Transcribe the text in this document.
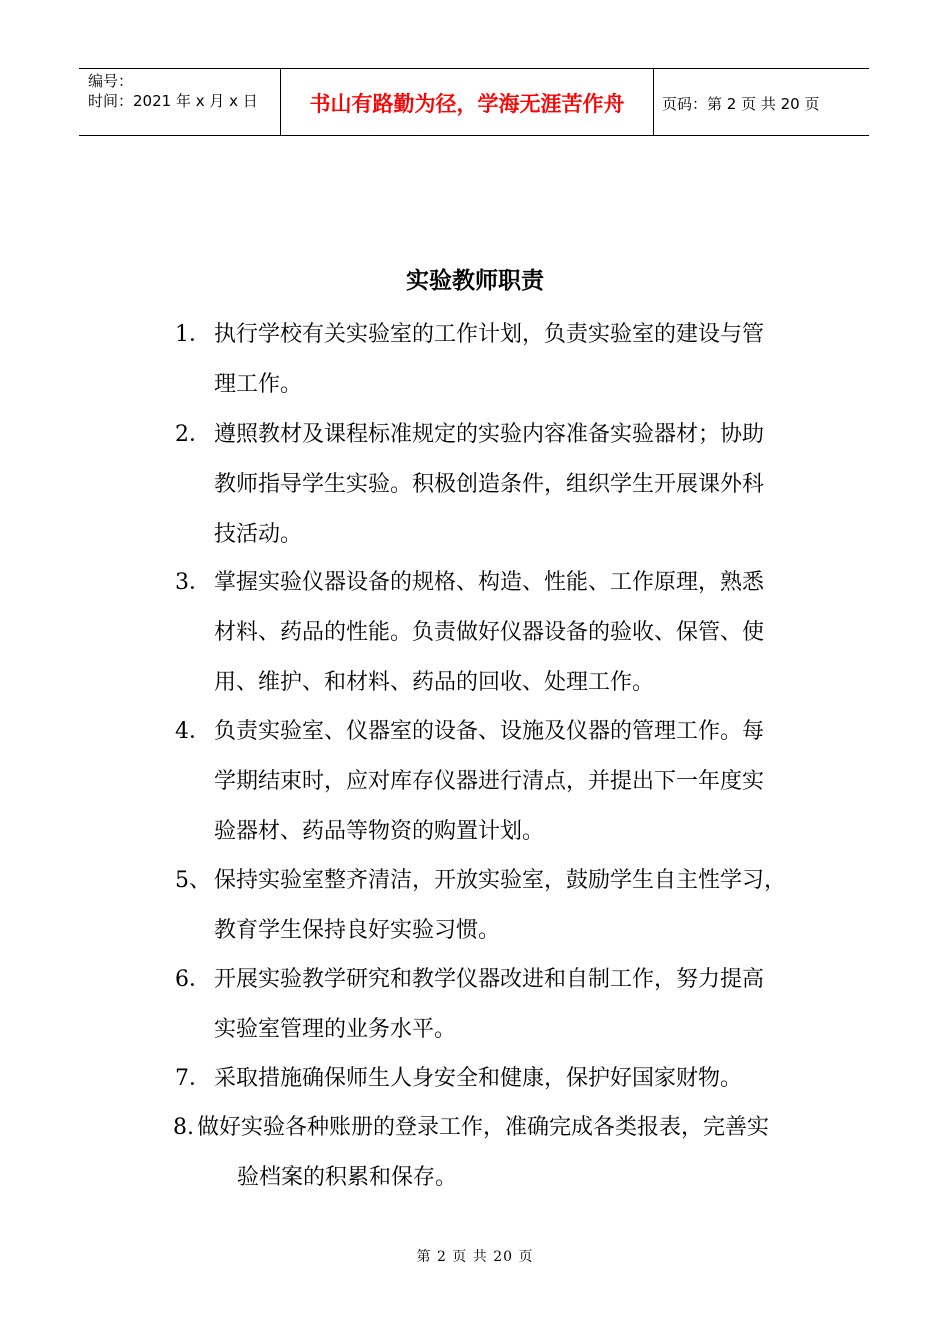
编号：
时间：2021 年 x 月 x 日	书山有路勤为径，学海无涯苦作舟	页码：第 2 页 共 20 页
实验教师职责
1． 执行学校有关实验室的工作计划，负责实验室的建设与管
理工作。
2． 遵照教材及课程标准规定的实验内容准备实验器材；协助
教师指导学生实验。积极创造条件，组织学生开展课外科
技活动。
3． 掌握实验仪器设备的规格、构造、性能、工作原理，熟悉
材料、药品的性能。负责做好仪器设备的验收、保管、使
用、维护、和材料、药品的回收、处理工作。
4． 负责实验室、仪器室的设备、设施及仪器的管理工作。每
学期结束时，应对库存仪器进行清点，并提出下一年度实
验器材、药品等物资的购置计划。
5、 保持实验室整齐清洁，开放实验室，鼓励学生自主性学习，
教育学生保持良好实验习惯。
6． 开展实验教学研究和教学仪器改进和自制工作，努力提高
实验室管理的业务水平。
7． 采取措施确保师生人身安全和健康，保护好国家财物。
8. 做好实验各种账册的登录工作，准确完成各类报表，完善实
验档案的积累和保存。
第 2 页 共 20 页
